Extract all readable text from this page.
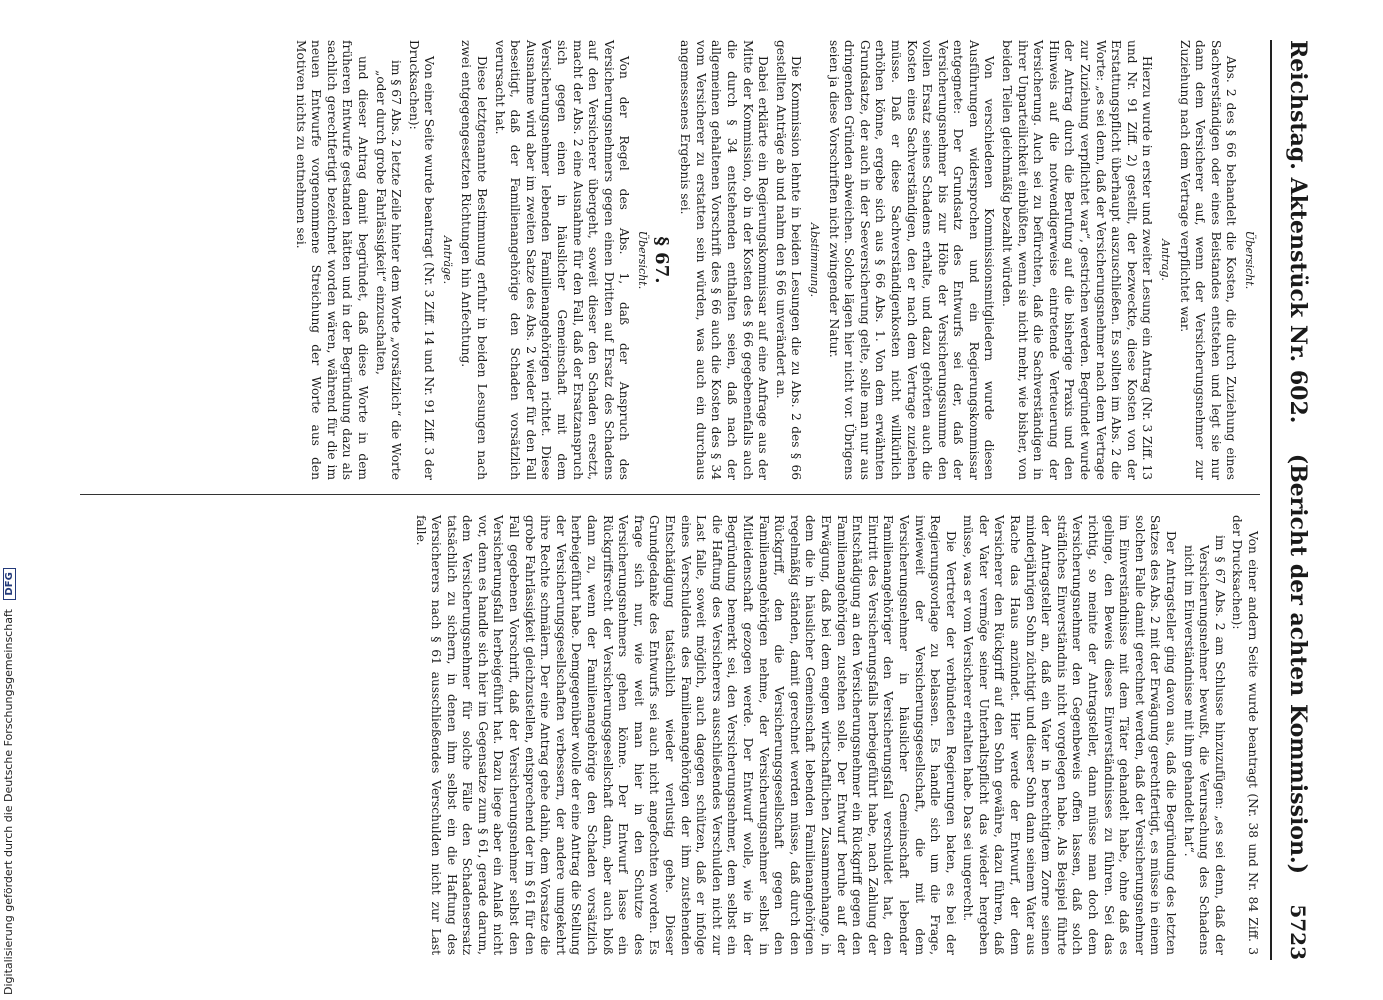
Reichstag. Aktenstück Nr. 602.
(Bericht der achten Kommission.)
5723

Übersicht.

Abs. 2 des § 66 behandelt die Kosten, die durch Zuziehung eines Sachverständigen oder eines Beistandes entstehen und legt sie nur dann dem Versicherer auf, wenn der Versicherungsnehmer zur Zuziehung nach dem Vertrage verpflichtet war.

Antrag.

Hierzu wurde in erster und zweiter Lesung ein Antrag (Nr. 3 Ziff. 13 und Nr. 91 Ziff. 2) gestellt, der bezweckte, diese Kosten von der Erstattungspflicht überhaupt auszuschließen. Es sollten im Abs. 2 die Worte: „es sei denn, daß der Versicherungsnehmer nach dem Vertrage zur Zuziehung verpflichtet war“, gestrichen werden. Begründet wurde der Antrag durch die Berufung auf die bisherige Praxis und den Hinweis auf die notwendigerweise eintretende Verteuerung der Versicherung. Auch sei zu befürchten, daß die Sachverständigen in ihrer Unparteilichkeit einbüßten, wenn sie nicht mehr, wie bisher, von beiden Teilen gleichmäßig bezahlt würden.

Von verschiedenen Kommissionsmitgliedern wurde diesen Ausführungen widersprochen und ein Regierungskommissar entgegnete: Der Grundsatz des Entwurfs sei der, daß der Versicherungsnehmer bis zur Höhe der Versicherungssumme den vollen Ersatz seines Schadens erhalte, und dazu gehörten auch die Kosten eines Sachverständigen, den er nach dem Vertrage zuziehen müsse. Daß er diese Sachverständigenkosten nicht willkürlich erhöhen könne, ergebe sich aus § 66 Abs. 1. Von dem erwähnten Grundsatze, der auch in der Seeversicherung gelte, solle man nur aus dringenden Gründen abweichen. Solche lägen hier nicht vor. Übrigens seien ja diese Vorschriften nicht zwingender Natur.

Abstimmung.

Die Kommission lehnte in beiden Lesungen die zu Abs. 2 des § 66 gestellten Anträge ab und nahm den § 66 unverändert an.

Dabei erklärte ein Regierungskommissar auf eine Anfrage aus der Mitte der Kommission, ob in der Kosten des § 66 gegebenenfalls auch die durch § 34 entstehenden enthalten seien, daß nach der allgemeinen gehaltenen Vorschrift des § 66 auch die Kosten des § 34 vom Versicherer zu erstatten sein würden, was auch ein durchaus angemessenes Ergebnis sei.

§ 67.

Übersicht.

Von der Regel des Abs. 1, daß der Anspruch des Versicherungsnehmers gegen einen Dritten auf Ersatz des Schadens auf den Versicherer übergeht, soweit dieser den Schaden ersetzt, macht der Abs. 2 eine Ausnahme für den Fall, daß der Ersatzanspruch sich gegen einen in häuslicher Gemeinschaft mit dem Versicherungsnehmer lebenden Familienangehörigen richtet. Diese Ausnahme wird aber im zweiten Satze des Abs. 2 wieder für den Fall beseitigt, daß der Familienangehörige den Schaden vorsätzlich verursacht hat.

Diese letztgenannte Bestimmung erfuhr in beiden Lesungen nach zwei entgegengesetzten Richtungen hin Anfechtung.

Anträge.

Von einer Seite wurde beantragt (Nr. 3 Ziff. 14 und Nr. 91 Ziff. 3 der Drucksachen):

im § 67 Abs. 2 letzte Zeile hinter dem Worte „vorsätzlich“ die Worte „oder durch grobe Fahrlässigkeit“ einzuschalten,

und dieser Antrag damit begründet, daß diese Worte in dem früheren Entwurfe gestanden hätten und in der Begründung dazu als sachlich gerechtfertigt bezeichnet worden wären, während für die im neuen Entwurfe vorgenommene Streichung der Worte aus den Motiven nichts zu entnehmen sei.

Von einer andern Seite wurde beantragt (Nr. 38 und Nr. 84 Ziff. 3 der Drucksachen):

im § 67 Abs. 2 am Schlusse hinzuzufügen: „es sei denn, daß der Versicherungsnehmer bewußt, die Verursachung des Schadens nicht im Einverständnisse mit ihm gehandelt hat“.

Der Antragsteller ging davon aus, daß die Begründung des letzten Satzes des Abs. 2 mit der Erwägung gerechtfertigt, es müsse in einem solchen Falle damit gerechnet werden, daß der Versicherungsnehmer im Einverständnisse mit dem Täter gehandelt habe, ohne daß es gelinge, den Beweis dieses Einverständnisses zu führen. Sei das richtig, so meinte der Antragsteller, dann müsse man doch dem Versicherungsnehmer den Gegenbeweis offen lassen, daß solch sträfliches Einverständnis nicht vorgelegen habe. Als Beispiel führte der Antragsteller an, daß ein Vater in berechtigtem Zorne seinen minderjährigen Sohn züchtigt und dieser Sohn dann seinem Vater aus Rache das Haus anzündet. Hier werde der Entwurf, der dem Versicherer den Rückgriff auf den Sohn gewähre, dazu führen, daß der Vater vermöge seiner Unterhaltspflicht das wieder hergeben müsse, was er vom Versicherer erhalten habe. Das sei ungerecht.

Die Vertreter der verbündeten Regierungen baten, es bei der Regierungsvorlage zu belassen. Es handle sich um die Frage, inwieweit der Versicherungsgesellschaft, die mit dem Versicherungsnehmer in häuslicher Gemeinschaft lebender Familienangehöriger den Versicherungsfall verschuldet hat, den Eintritt des Versicherungsfalls herbeigeführt habe, nach Zahlung der Entschädigung an den Versicherungsnehmer ein Rückgriff gegen den Familienangehörigen zustehen solle. Der Entwurf beruhe auf der Erwägung, daß bei dem engen wirtschaftlichen Zusammenhange, in dem die in häuslicher Gemeinschaft lebenden Familienangehörigen regelmäßig ständen, damit gerechnet werden müsse, daß durch den Rückgriff, den die Versicherungsgesellschaft gegen den Familienangehörigen nehme, der Versicherungsnehmer selbst in Mitleidenschaft gezogen werde. Der Entwurf wolle, wie in der Begründung bemerkt sei, den Versicherungsnehmer, dem selbst ein die Haftung des Versicherers ausschließendes Verschulden nicht zur Last falle, soweit möglich, auch dagegen schützen, daß er infolge eines Verschuldens des Familienangehörigen der ihm zustehenden Entschädigung tatsächlich wieder verlustig gehe. Dieser Grundgedanke des Entwurfs sei auch nicht angefochten worden. Es frage sich nur, wie weit man hier in den Schutze des Versicherungsnehmers gehen könne. Der Entwurf lasse ein Rückgriffsrecht der Versicherungsgesellschaft dann, aber auch bloß dann zu, wenn der Familienangehörige den Schaden vorsätzlich herbeigeführt habe. Demgegenüber wolle der eine Antrag die Stellung der Versicherungsgesellschaften verbessern, der andere umgekehrt ihre Rechte schmälern. Der eine Antrag gehe dahin, dem Vorsatze die grobe Fahrlässigkeit gleichzustellen, entsprechend der im § 61 für den Fall gegebenen Vorschrift, daß der Versicherungsnehmer selbst den Versicherungsfall herbeigeführt hat. Dazu liege aber ein Anlaß nicht vor, denn es handle sich hier im Gegensatze zum § 61, gerade darum, dem Versicherungsnehmer für solche Fälle den Schadensersatz tatsächlich zu sichern, in denen ihm selbst ein die Haftung des Versicherers nach § 61 ausschließendes Verschulden nicht zur Last falle.

Digitalisierung gefördert durch die Deutsche Forschungsgemeinschaft DFG
